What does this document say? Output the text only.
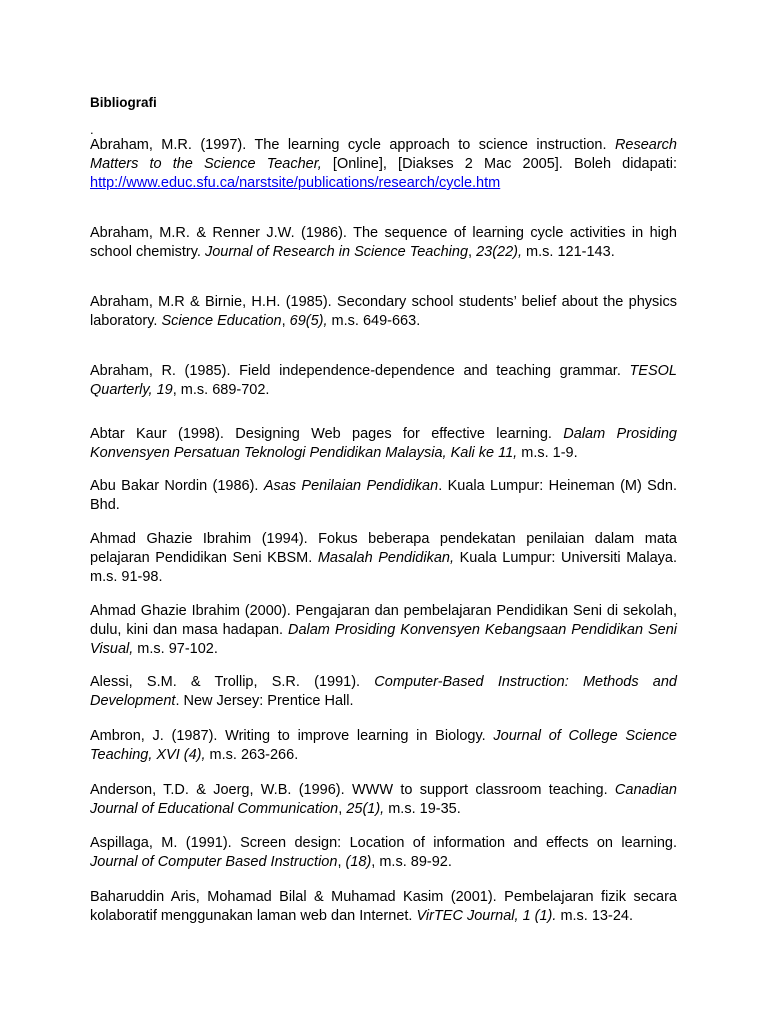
Bibliografi
.

Abraham, M.R. (1997). The learning cycle approach to science instruction. Research Matters to the Science Teacher, [Online], [Diakses 2 Mac 2005]. Boleh didapati: http://www.educ.sfu.ca/narstsite/publications/research/cycle.htm

Abraham, M.R. & Renner J.W. (1986). The sequence of learning cycle activities in high school chemistry. Journal of Research in Science Teaching, 23(22), m.s. 121-143.

Abraham, M.R & Birnie, H.H. (1985). Secondary school students’ belief about the physics laboratory. Science Education, 69(5), m.s. 649-663.

Abraham, R. (1985). Field independence-dependence and teaching grammar. TESOL Quarterly, 19, m.s. 689-702.

Abtar Kaur (1998). Designing Web pages for effective learning. Dalam Prosiding Konvensyen Persatuan Teknologi Pendidikan Malaysia, Kali ke 11, m.s. 1-9.

Abu Bakar Nordin (1986). Asas Penilaian Pendidikan. Kuala Lumpur: Heineman (M) Sdn. Bhd.

Ahmad Ghazie Ibrahim (1994). Fokus beberapa pendekatan penilaian dalam mata pelajaran Pendidikan Seni KBSM. Masalah Pendidikan, Kuala Lumpur: Universiti Malaya. m.s. 91-98.

Ahmad Ghazie Ibrahim (2000). Pengajaran dan pembelajaran Pendidikan Seni di sekolah, dulu, kini dan masa hadapan. Dalam Prosiding Konvensyen Kebangsaan Pendidikan Seni Visual, m.s. 97-102.

Alessi, S.M. & Trollip, S.R. (1991). Computer-Based Instruction: Methods and Development. New Jersey: Prentice Hall.

Ambron, J. (1987). Writing to improve learning in Biology. Journal of College Science Teaching, XVI (4), m.s. 263-266.

Anderson, T.D. & Joerg, W.B. (1996). WWW to support classroom teaching. Canadian Journal of Educational Communication, 25(1), m.s. 19-35.

Aspillaga, M. (1991). Screen design: Location of information and effects on learning. Journal of Computer Based Instruction, (18), m.s. 89-92.

Baharuddin Aris, Mohamad Bilal & Muhamad Kasim (2001). Pembelajaran fizik secara kolaboratif menggunakan laman web dan Internet. VirTEC Journal, 1 (1). m.s. 13-24.
